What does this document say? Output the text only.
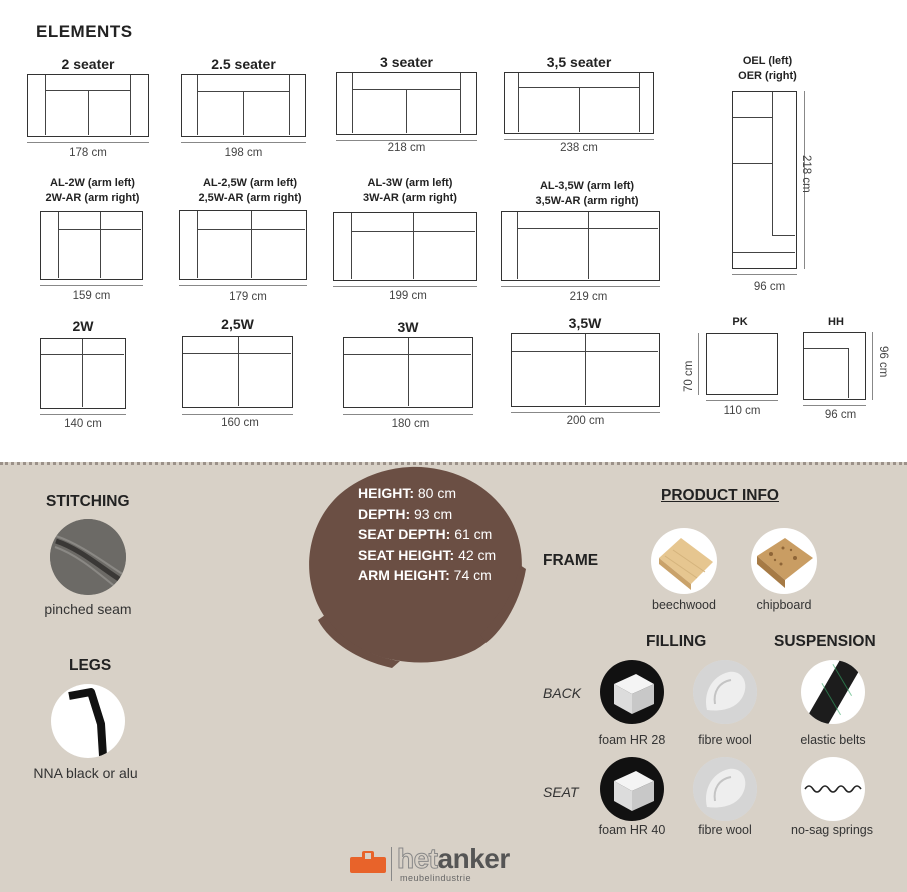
ELEMENTS
2 seater
178 cm
2.5 seater
198 cm
3 seater
218 cm
3,5 seater
238 cm
OEL (left)
OER (right)
218 cm
96 cm
AL-2W (arm left)
2W-AR (arm right)
159 cm
AL-2,5W (arm left)
2,5W-AR (arm right)
179 cm
AL-3W (arm left)
3W-AR (arm right)
199 cm
AL-3,5W (arm left)
3,5W-AR (arm right)
219 cm
2W
140 cm
2,5W
160 cm
3W
180 cm
3,5W
200 cm
PK
70 cm
110 cm
HH
96 cm
96 cm
STITCHING
pinched seam
LEGS
NNA black or alu
HEIGHT: 80 cm
DEPTH: 93 cm
SEAT DEPTH: 61 cm
SEAT HEIGHT: 42 cm
ARM HEIGHT: 74 cm
PRODUCT INFO
FRAME
beechwood	chipboard
FILLING	SUSPENSION
BACK
foam HR 28	fibre wool	elastic belts
SEAT
foam HR 40	fibre wool	no-sag springs
hetanker
meubelindustrie
